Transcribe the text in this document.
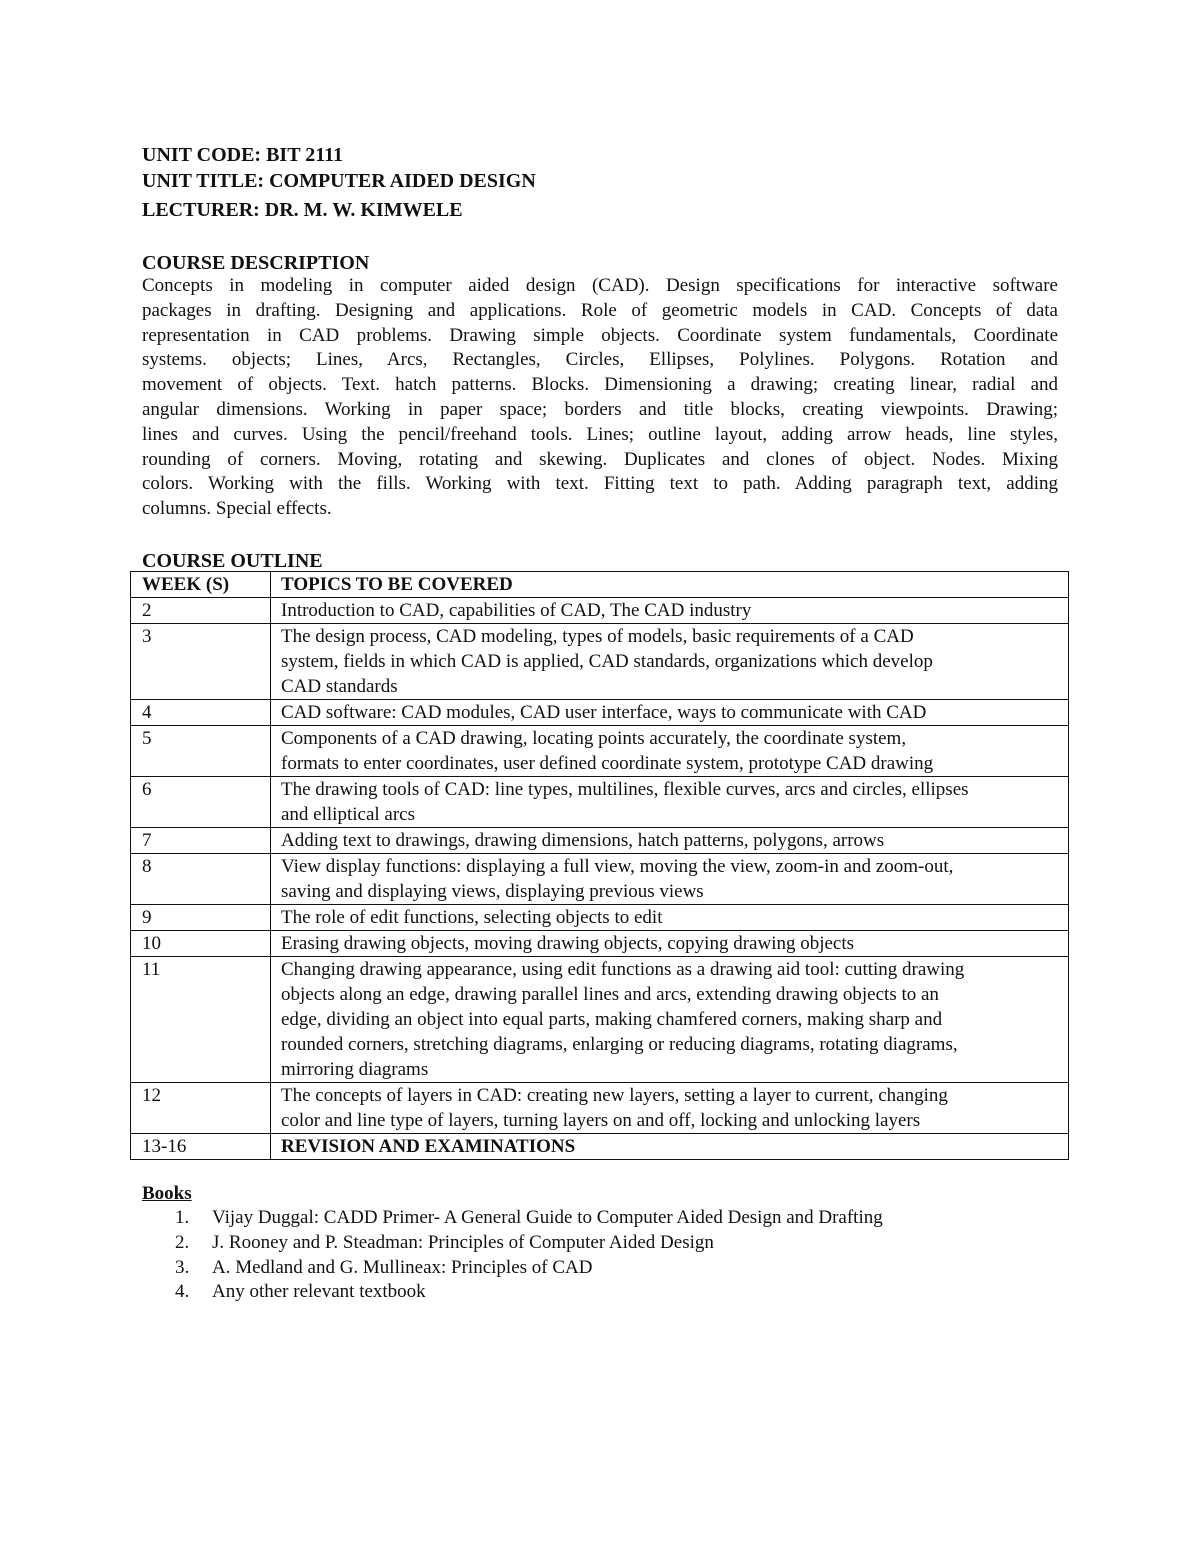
UNIT CODE: BIT 2111
UNIT TITLE: COMPUTER AIDED DESIGN
LECTURER: DR. M. W. KIMWELE
COURSE DESCRIPTION
Concepts in modeling in computer aided design (CAD). Design specifications for interactive software
packages in drafting. Designing and applications. Role of geometric models in CAD. Concepts of data
representation in CAD problems. Drawing simple objects. Coordinate system fundamentals, Coordinate
systems. objects; Lines, Arcs, Rectangles, Circles, Ellipses, Polylines. Polygons. Rotation and
movement of objects. Text. hatch patterns. Blocks. Dimensioning a drawing; creating linear, radial and
angular dimensions. Working in paper space; borders and title blocks, creating viewpoints. Drawing;
lines and curves. Using the pencil/freehand tools. Lines; outline layout, adding arrow heads, line styles,
rounding of corners. Moving, rotating and skewing. Duplicates and clones of object. Nodes. Mixing
colors. Working with the fills. Working with text. Fitting text to path. Adding paragraph text, adding
columns. Special effects.
COURSE OUTLINE
WEEK (S)	TOPICS TO BE COVERED
2	Introduction to CAD, capabilities of CAD, The CAD industry

3	The design process, CAD modeling, types of models, basic requirements of a CAD
system, fields in which CAD is applied, CAD standards, organizations which develop
CAD standards

4	CAD software: CAD modules, CAD user interface, ways to communicate with CAD

5	Components of a CAD drawing, locating points accurately, the coordinate system,
formats to enter coordinates, user defined coordinate system, prototype CAD drawing

6	The drawing tools of CAD: line types, multilines, flexible curves, arcs and circles, ellipses
and elliptical arcs

7	Adding text to drawings, drawing dimensions, hatch patterns, polygons, arrows

8	View display functions: displaying a full view, moving the view, zoom-in and zoom-out,
saving and displaying views, displaying previous views

9	The role of edit functions, selecting objects to edit

10	Erasing drawing objects, moving drawing objects, copying drawing objects

11	Changing drawing appearance, using edit functions as a drawing aid tool: cutting drawing
objects along an edge, drawing parallel lines and arcs, extending drawing objects to an
edge, dividing an object into equal parts, making chamfered corners, making sharp and
rounded corners, stretching diagrams, enlarging or reducing diagrams, rotating diagrams,
mirroring diagrams

12	The concepts of layers in CAD: creating new layers, setting a layer to current, changing
color and line type of layers, turning layers on and off, locking and unlocking layers

13-16	REVISION AND EXAMINATIONS
Books
1. Vijay Duggal: CADD Primer- A General Guide to Computer Aided Design and Drafting
2. J. Rooney and P. Steadman: Principles of Computer Aided Design
3. A. Medland and G. Mullineax: Principles of CAD
4. Any other relevant textbook
